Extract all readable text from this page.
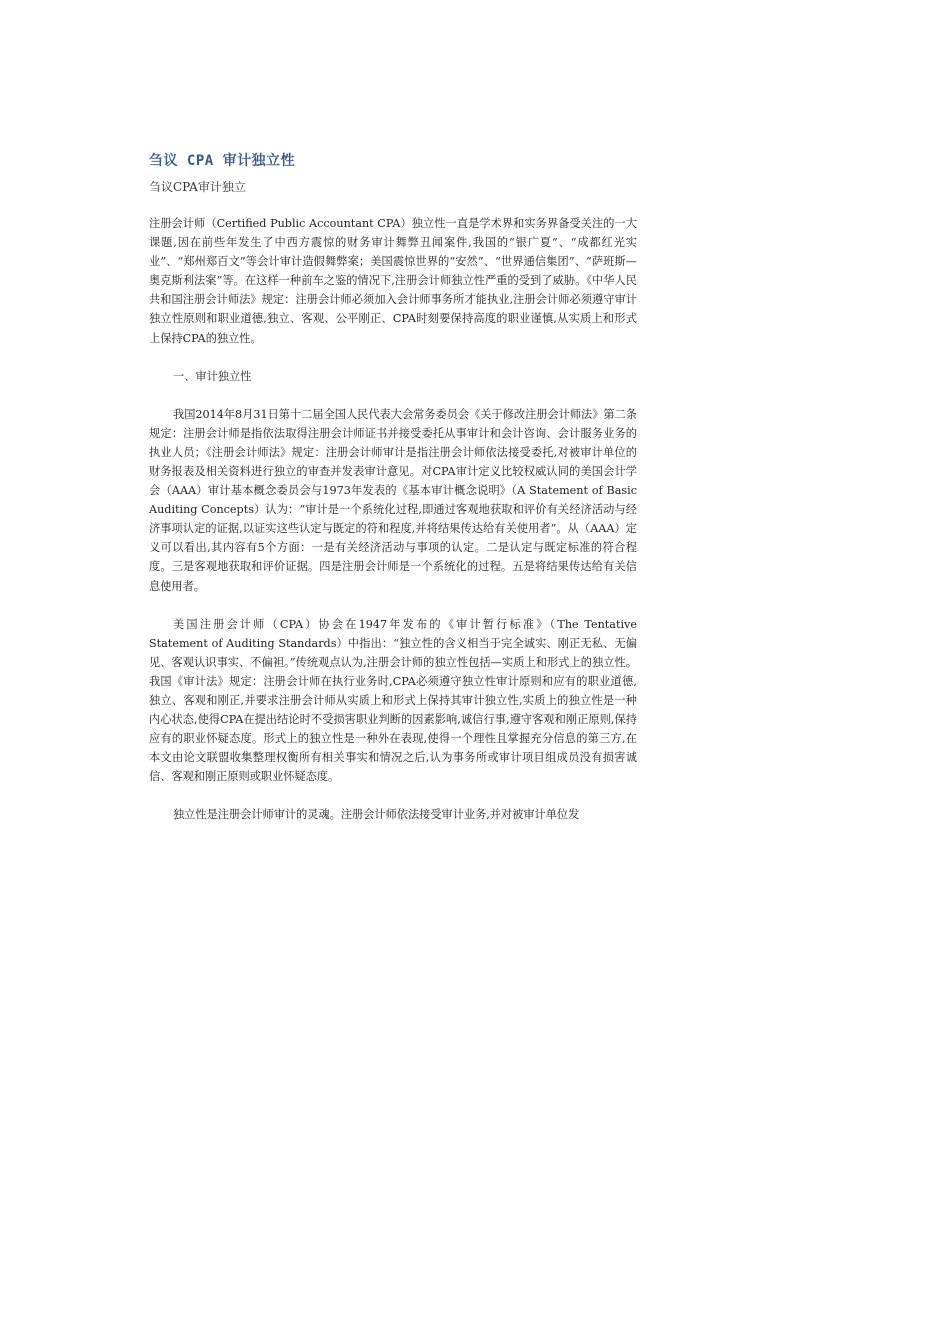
刍议 CPA 审计独立性
刍议CPA审计独立

注册会计师（Certified Public Accountant CPA）独立性一直是学术界和实务界备受关注的一大课题,因在前些年发生了中西方震惊的财务审计舞弊丑闻案件,我国的“银广夏”、“成都红光实业”、“郑州郑百文”等会计审计造假舞弊案；美国震惊世界的“安然”、“世界通信集团”、“萨班斯—奥克斯利法案”等。在这样一种前车之鉴的情况下,注册会计师独立性严重的受到了威胁。《中华人民共和国注册会计师法》规定：注册会计师必须加入会计师事务所才能执业,注册会计师必须遵守审计独立性原则和职业道德,独立、客观、公平刚正、CPA时刻要保持高度的职业谨慎,从实质上和形式上保持CPA的独立性。

一、审计独立性

我国2014年8月31日第十二届全国人民代表大会常务委员会《关于修改注册会计师法》第二条规定：注册会计师是指依法取得注册会计师证书并接受委托从事审计和会计咨询、会计服务业务的执业人员；《注册会计师法》规定：注册会计师审计是指注册会计师依法接受委托,对被审计单位的财务报表及相关资料进行独立的审查并发表审计意见。对CPA审计定义比较权威认同的美国会计学会（AAA）审计基本概念委员会与1973年发表的《基本审计概念说明》（A Statement of Basic Auditing Concepts）认为：“审计是一个系统化过程,即通过客观地获取和评价有关经济活动与经济事项认定的证据,以证实这些认定与既定的符和程度,并将结果传达给有关使用者”。从（AAA）定义可以看出,其内容有5个方面：一是有关经济活动与事项的认定。二是认定与既定标准的符合程度。三是客观地获取和评价证据。四是注册会计师是一个系统化的过程。五是将结果传达给有关信息使用者。

美国注册会计师（CPA）协会在1947年发布的《审计暂行标准》（The Tentative Statement of Auditing Standards）中指出：“独立性的含义相当于完全诚实、刚正无私、无偏见、客观认识事实、不偏袒。”传统观点认为,注册会计师的独立性包括—实质上和形式上的独立性。我国《审计法》规定：注册会计师在执行业务时,CPA必须遵守独立性审计原则和应有的职业道德,独立、客观和刚正,并要求注册会计师从实质上和形式上保持其审计独立性,实质上的独立性是一种内心状态,使得CPA在提出结论时不受损害职业判断的因素影响,诚信行事,遵守客观和刚正原则,保持应有的职业怀疑态度。形式上的独立性是一种外在表现,使得一个理性且掌握充分信息的第三方,在本文由论文联盟收集整理权衡所有相关事实和情况之后,认为事务所或审计项目组成员没有损害诚信、客观和刚正原则或职业怀疑态度。

独立性是注册会计师审计的灵魂。注册会计师依法接受审计业务,并对被审计单位发
